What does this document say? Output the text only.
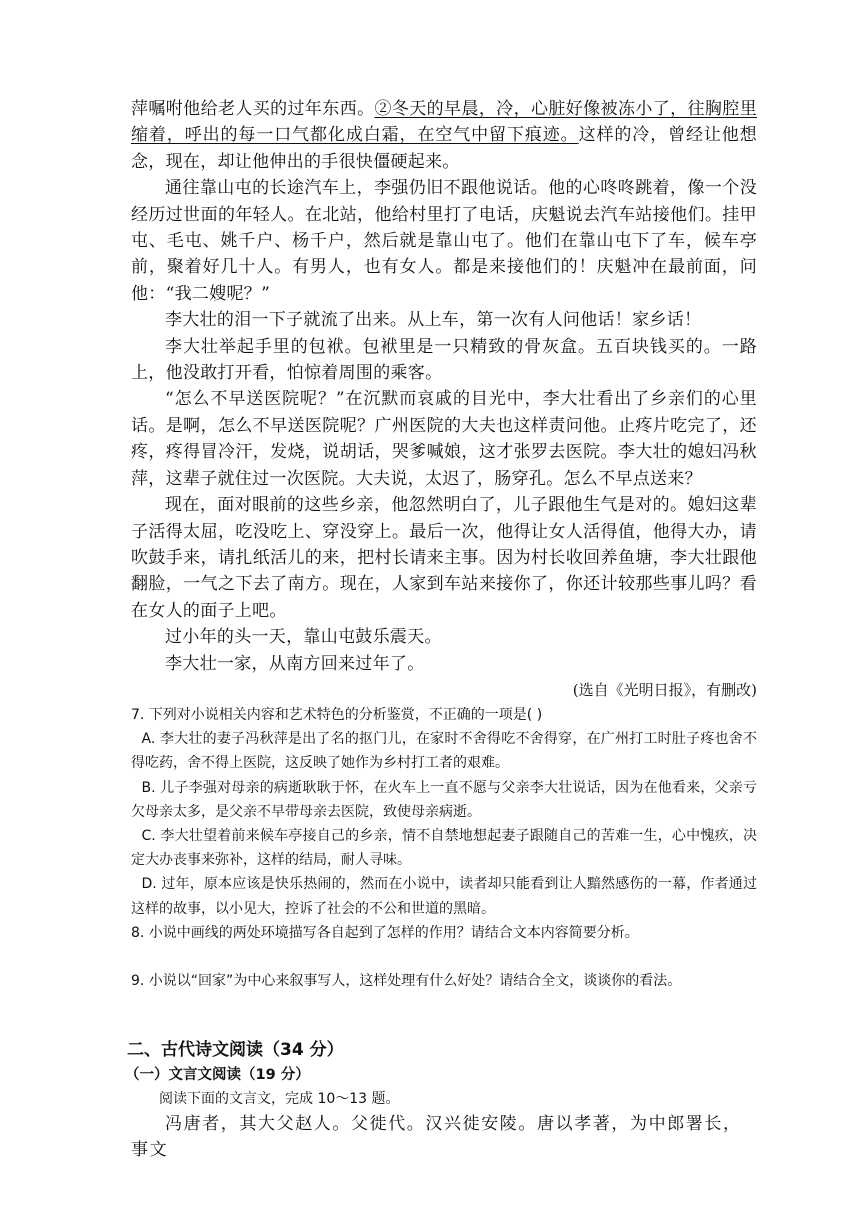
萍嘱咐他给老人买的过年东西。②冬天的早晨，冷，心脏好像被冻小了，往胸腔里缩着，呼出的每一口气都化成白霜，在空气中留下痕迹。这样的冷，曾经让他想念，现在，却让他伸出的手很快僵硬起来。

通往靠山屯的长途汽车上，李强仍旧不跟他说话。他的心咚咚跳着，像一个没经历过世面的年轻人。在北站，他给村里打了电话，庆魁说去汽车站接他们。挂甲屯、毛屯、姚千户、杨千户，然后就是靠山屯了。他们在靠山屯下了车，候车亭前，聚着好几十人。有男人，也有女人。都是来接他们的！庆魁冲在最前面，问他：“我二嫂呢？”

李大壮的泪一下子就流了出来。从上车，第一次有人问他话！家乡话！

李大壮举起手里的包袱。包袱里是一只精致的骨灰盒。五百块钱买的。一路上，他没敢打开看，怕惊着周围的乘客。

“怎么不早送医院呢？”在沉默而哀戚的目光中，李大壮看出了乡亲们的心里话。是啊，怎么不早送医院呢？广州医院的大夫也这样责问他。止疼片吃完了，还疼，疼得冒冷汗，发烧，说胡话，哭爹喊娘，这才张罗去医院。李大壮的媳妇冯秋萍，这辈子就住过一次医院。大夫说，太迟了，肠穿孔。怎么不早点送来？

现在，面对眼前的这些乡亲，他忽然明白了，儿子跟他生气是对的。媳妇这辈子活得太屈，吃没吃上、穿没穿上。最后一次，他得让女人活得值，他得大办，请吹鼓手来，请扎纸活儿的来，把村长请来主事。因为村长收回养鱼塘，李大壮跟他翻脸，一气之下去了南方。现在，人家到车站来接你了，你还计较那些事儿吗？看在女人的面子上吧。

过小年的头一天，靠山屯鼓乐震天。

李大壮一家，从南方回来过年了。

(选自《光明日报》，有删改)

7. 下列对小说相关内容和艺术特色的分析鉴赏，不正确的一项是( )

A. 李大壮的妻子冯秋萍是出了名的抠门儿，在家时不舍得吃不舍得穿，在广州打工时肚子疼也舍不得吃药，舍不得上医院，这反映了她作为乡村打工者的艰难。

B. 儿子李强对母亲的病逝耿耿于怀，在火车上一直不愿与父亲李大壮说话，因为在他看来，父亲亏欠母亲太多，是父亲不早带母亲去医院，致使母亲病逝。

C. 李大壮望着前来候车亭接自己的乡亲，情不自禁地想起妻子跟随自己的苦难一生，心中愧疚，决定大办丧事来弥补，这样的结局，耐人寻味。

D. 过年，原本应该是快乐热闹的，然而在小说中，读者却只能看到让人黯然感伤的一幕，作者通过这样的故事，以小见大，控诉了社会的不公和世道的黑暗。

8. 小说中画线的两处环境描写各自起到了怎样的作用？请结合文本内容简要分析。

9. 小说以“回家”为中心来叙事写人，这样处理有什么好处？请结合全文，谈谈你的看法。

二、古代诗文阅读（34 分）
（一）文言文阅读（19 分）

阅读下面的文言文，完成 10～13 题。

冯唐者，其大父赵人。父徙代。汉兴徙安陵。唐以孝著，为中郎署长，事文
